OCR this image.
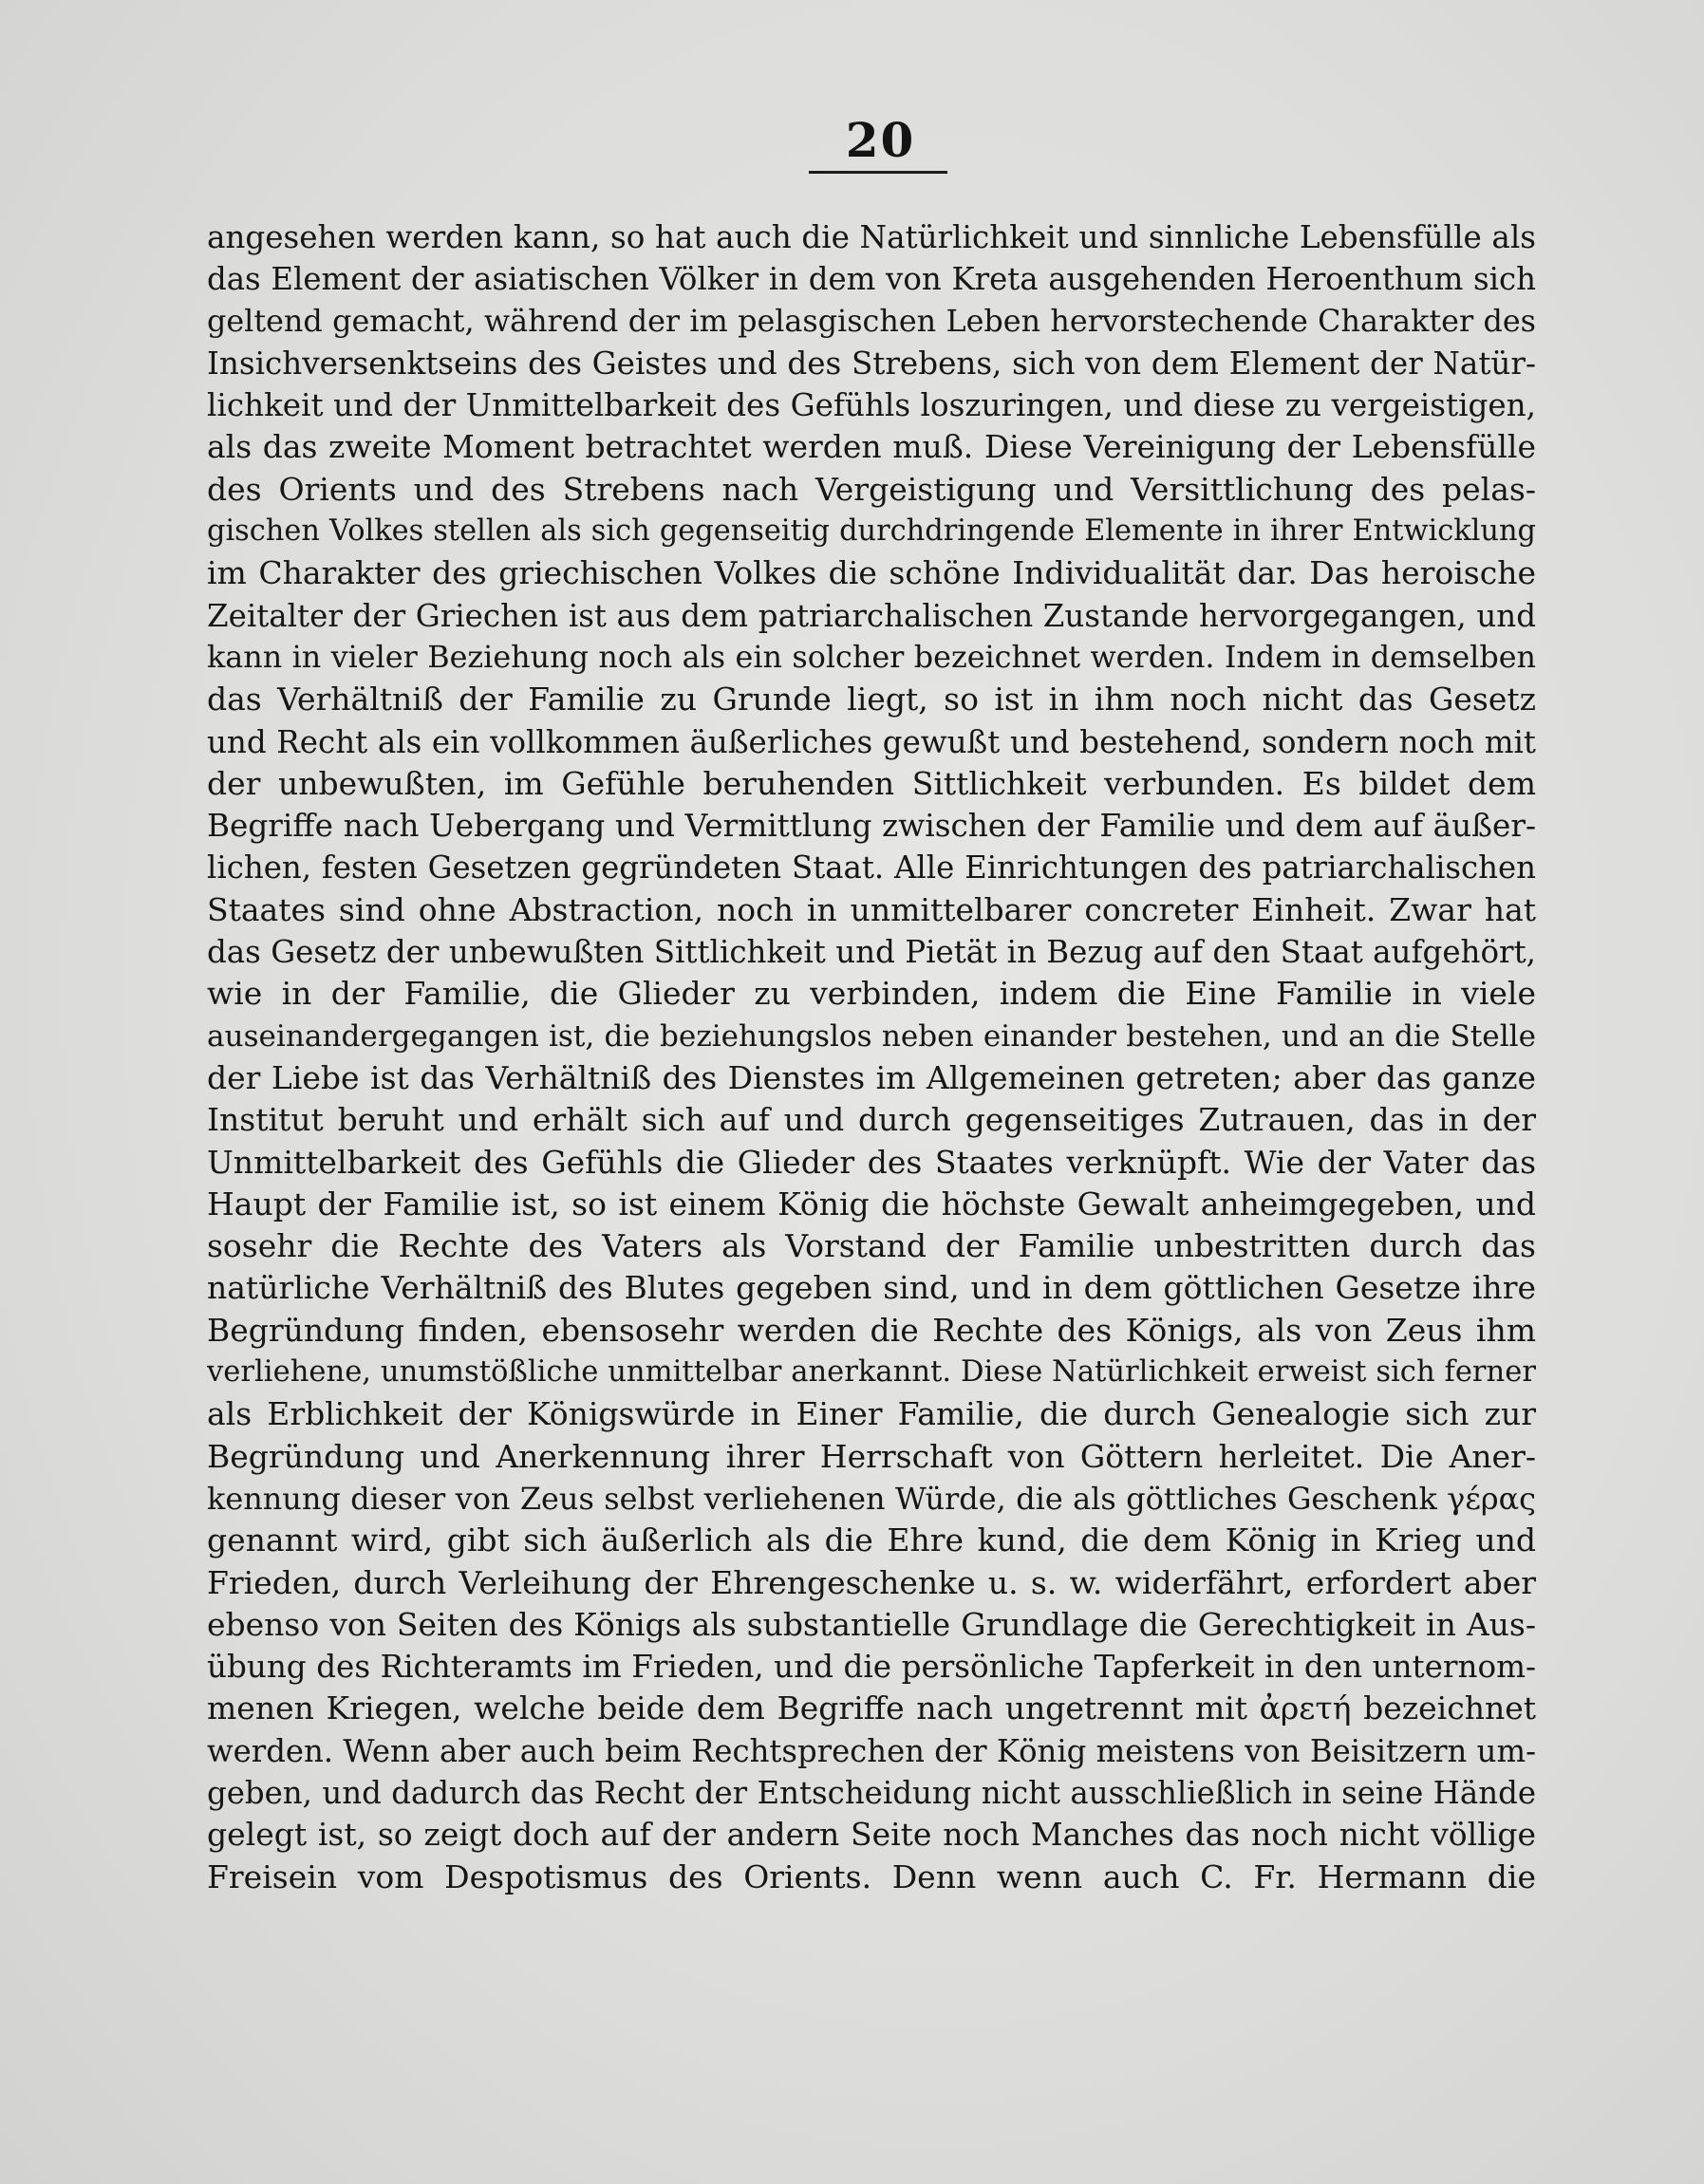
20
angesehen werden kann, so hat auch die Natürlichkeit und sinnliche Lebensfülle als
das Element der asiatischen Völker in dem von Kreta ausgehenden Heroenthum sich
geltend gemacht, während der im pelasgischen Leben hervorstechende Charakter des
Insichversenktseins des Geistes und des Strebens, sich von dem Element der Natür-
lichkeit und der Unmittelbarkeit des Gefühls loszuringen, und diese zu vergeistigen,
als das zweite Moment betrachtet werden muß. Diese Vereinigung der Lebensfülle
des Orients und des Strebens nach Vergeistigung und Versittlichung des pelas-
gischen Volkes stellen als sich gegenseitig durchdringende Elemente in ihrer Entwicklung
im Charakter des griechischen Volkes die schöne Individualität dar. Das heroische
Zeitalter der Griechen ist aus dem patriarchalischen Zustande hervorgegangen, und
kann in vieler Beziehung noch als ein solcher bezeichnet werden. Indem in demselben
das Verhältniß der Familie zu Grunde liegt, so ist in ihm noch nicht das Gesetz
und Recht als ein vollkommen äußerliches gewußt und bestehend, sondern noch mit
der unbewußten, im Gefühle beruhenden Sittlichkeit verbunden. Es bildet dem
Begriffe nach Uebergang und Vermittlung zwischen der Familie und dem auf äußer-
lichen, festen Gesetzen gegründeten Staat. Alle Einrichtungen des patriarchalischen
Staates sind ohne Abstraction, noch in unmittelbarer concreter Einheit. Zwar hat
das Gesetz der unbewußten Sittlichkeit und Pietät in Bezug auf den Staat aufgehört,
wie in der Familie, die Glieder zu verbinden, indem die Eine Familie in viele
auseinandergegangen ist, die beziehungslos neben einander bestehen, und an die Stelle
der Liebe ist das Verhältniß des Dienstes im Allgemeinen getreten; aber das ganze
Institut beruht und erhält sich auf und durch gegenseitiges Zutrauen, das in der
Unmittelbarkeit des Gefühls die Glieder des Staates verknüpft. Wie der Vater das
Haupt der Familie ist, so ist einem König die höchste Gewalt anheimgegeben, und
sosehr die Rechte des Vaters als Vorstand der Familie unbestritten durch das
natürliche Verhältniß des Blutes gegeben sind, und in dem göttlichen Gesetze ihre
Begründung finden, ebensosehr werden die Rechte des Königs, als von Zeus ihm
verliehene, unumstößliche unmittelbar anerkannt. Diese Natürlichkeit erweist sich ferner
als Erblichkeit der Königswürde in Einer Familie, die durch Genealogie sich zur
Begründung und Anerkennung ihrer Herrschaft von Göttern herleitet. Die Aner-
kennung dieser von Zeus selbst verliehenen Würde, die als göttliches Geschenk γέρας
genannt wird, gibt sich äußerlich als die Ehre kund, die dem König in Krieg und
Frieden, durch Verleihung der Ehrengeschenke u. s. w. widerfährt, erfordert aber
ebenso von Seiten des Königs als substantielle Grundlage die Gerechtigkeit in Aus-
übung des Richteramts im Frieden, und die persönliche Tapferkeit in den unternom-
menen Kriegen, welche beide dem Begriffe nach ungetrennt mit ἀρετή bezeichnet
werden. Wenn aber auch beim Rechtsprechen der König meistens von Beisitzern um-
geben, und dadurch das Recht der Entscheidung nicht ausschließlich in seine Hände
gelegt ist, so zeigt doch auf der andern Seite noch Manches das noch nicht völlige
Freisein vom Despotismus des Orients. Denn wenn auch C. Fr. Hermann die
